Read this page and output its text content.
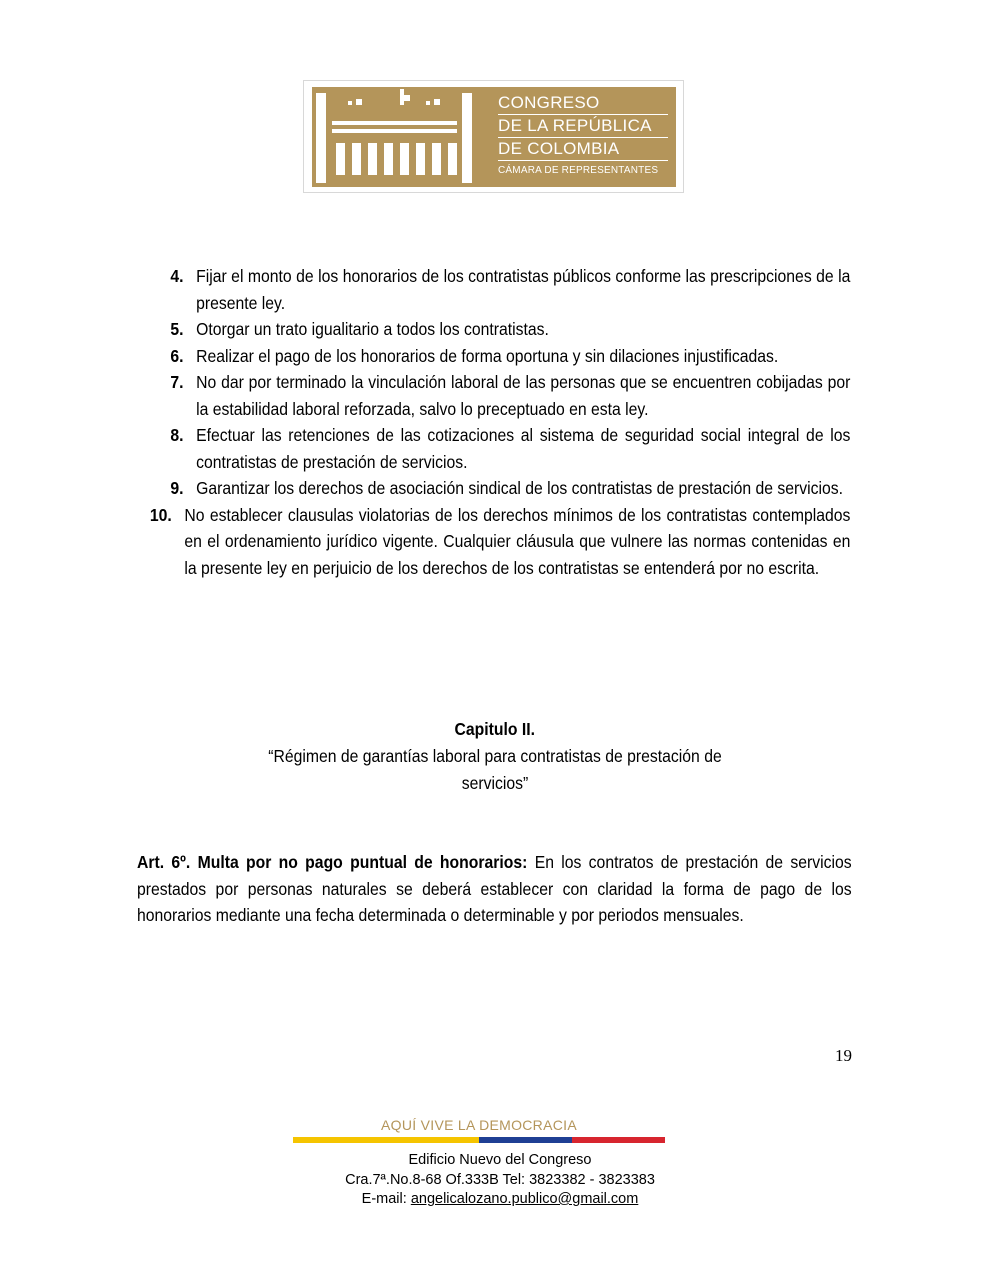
CONGRESO
DE LA REPÚBLICA
DE COLOMBIA
CÁMARA DE REPRESENTANTES
4. Fijar el monto de los honorarios de los contratistas públicos conforme las prescripciones de la presente ley.
5. Otorgar un trato igualitario a todos los contratistas.
6. Realizar el pago de los honorarios de forma oportuna y sin dilaciones injustificadas.
7. No dar por terminado la vinculación laboral de las personas que se encuentren cobijadas por la estabilidad laboral reforzada, salvo lo preceptuado en esta ley.
8. Efectuar las retenciones de las cotizaciones al sistema de seguridad social integral de los contratistas de prestación de servicios.
9. Garantizar los derechos de asociación sindical de los contratistas de prestación de servicios.
10. No establecer clausulas violatorias de los derechos mínimos de los contratistas contemplados en el ordenamiento jurídico vigente. Cualquier cláusula que vulnere las normas contenidas en la presente ley en perjuicio de los derechos de los contratistas se entenderá por no escrita.
Capitulo II.
“Régimen de garantías laboral para contratistas de prestación de
servicios”
Art. 6º. Multa por no pago puntual de honorarios: En los contratos de prestación de servicios prestados por personas naturales se deberá establecer con claridad la forma de pago de los honorarios mediante una fecha determinada o determinable y por periodos mensuales.
19
AQUÍ VIVE LA DEMOCRACIA
Edificio Nuevo del Congreso
Cra.7ª.No.8-68 Of.333B Tel: 3823382 - 3823383
E-mail: angelicalozano.publico@gmail.com
